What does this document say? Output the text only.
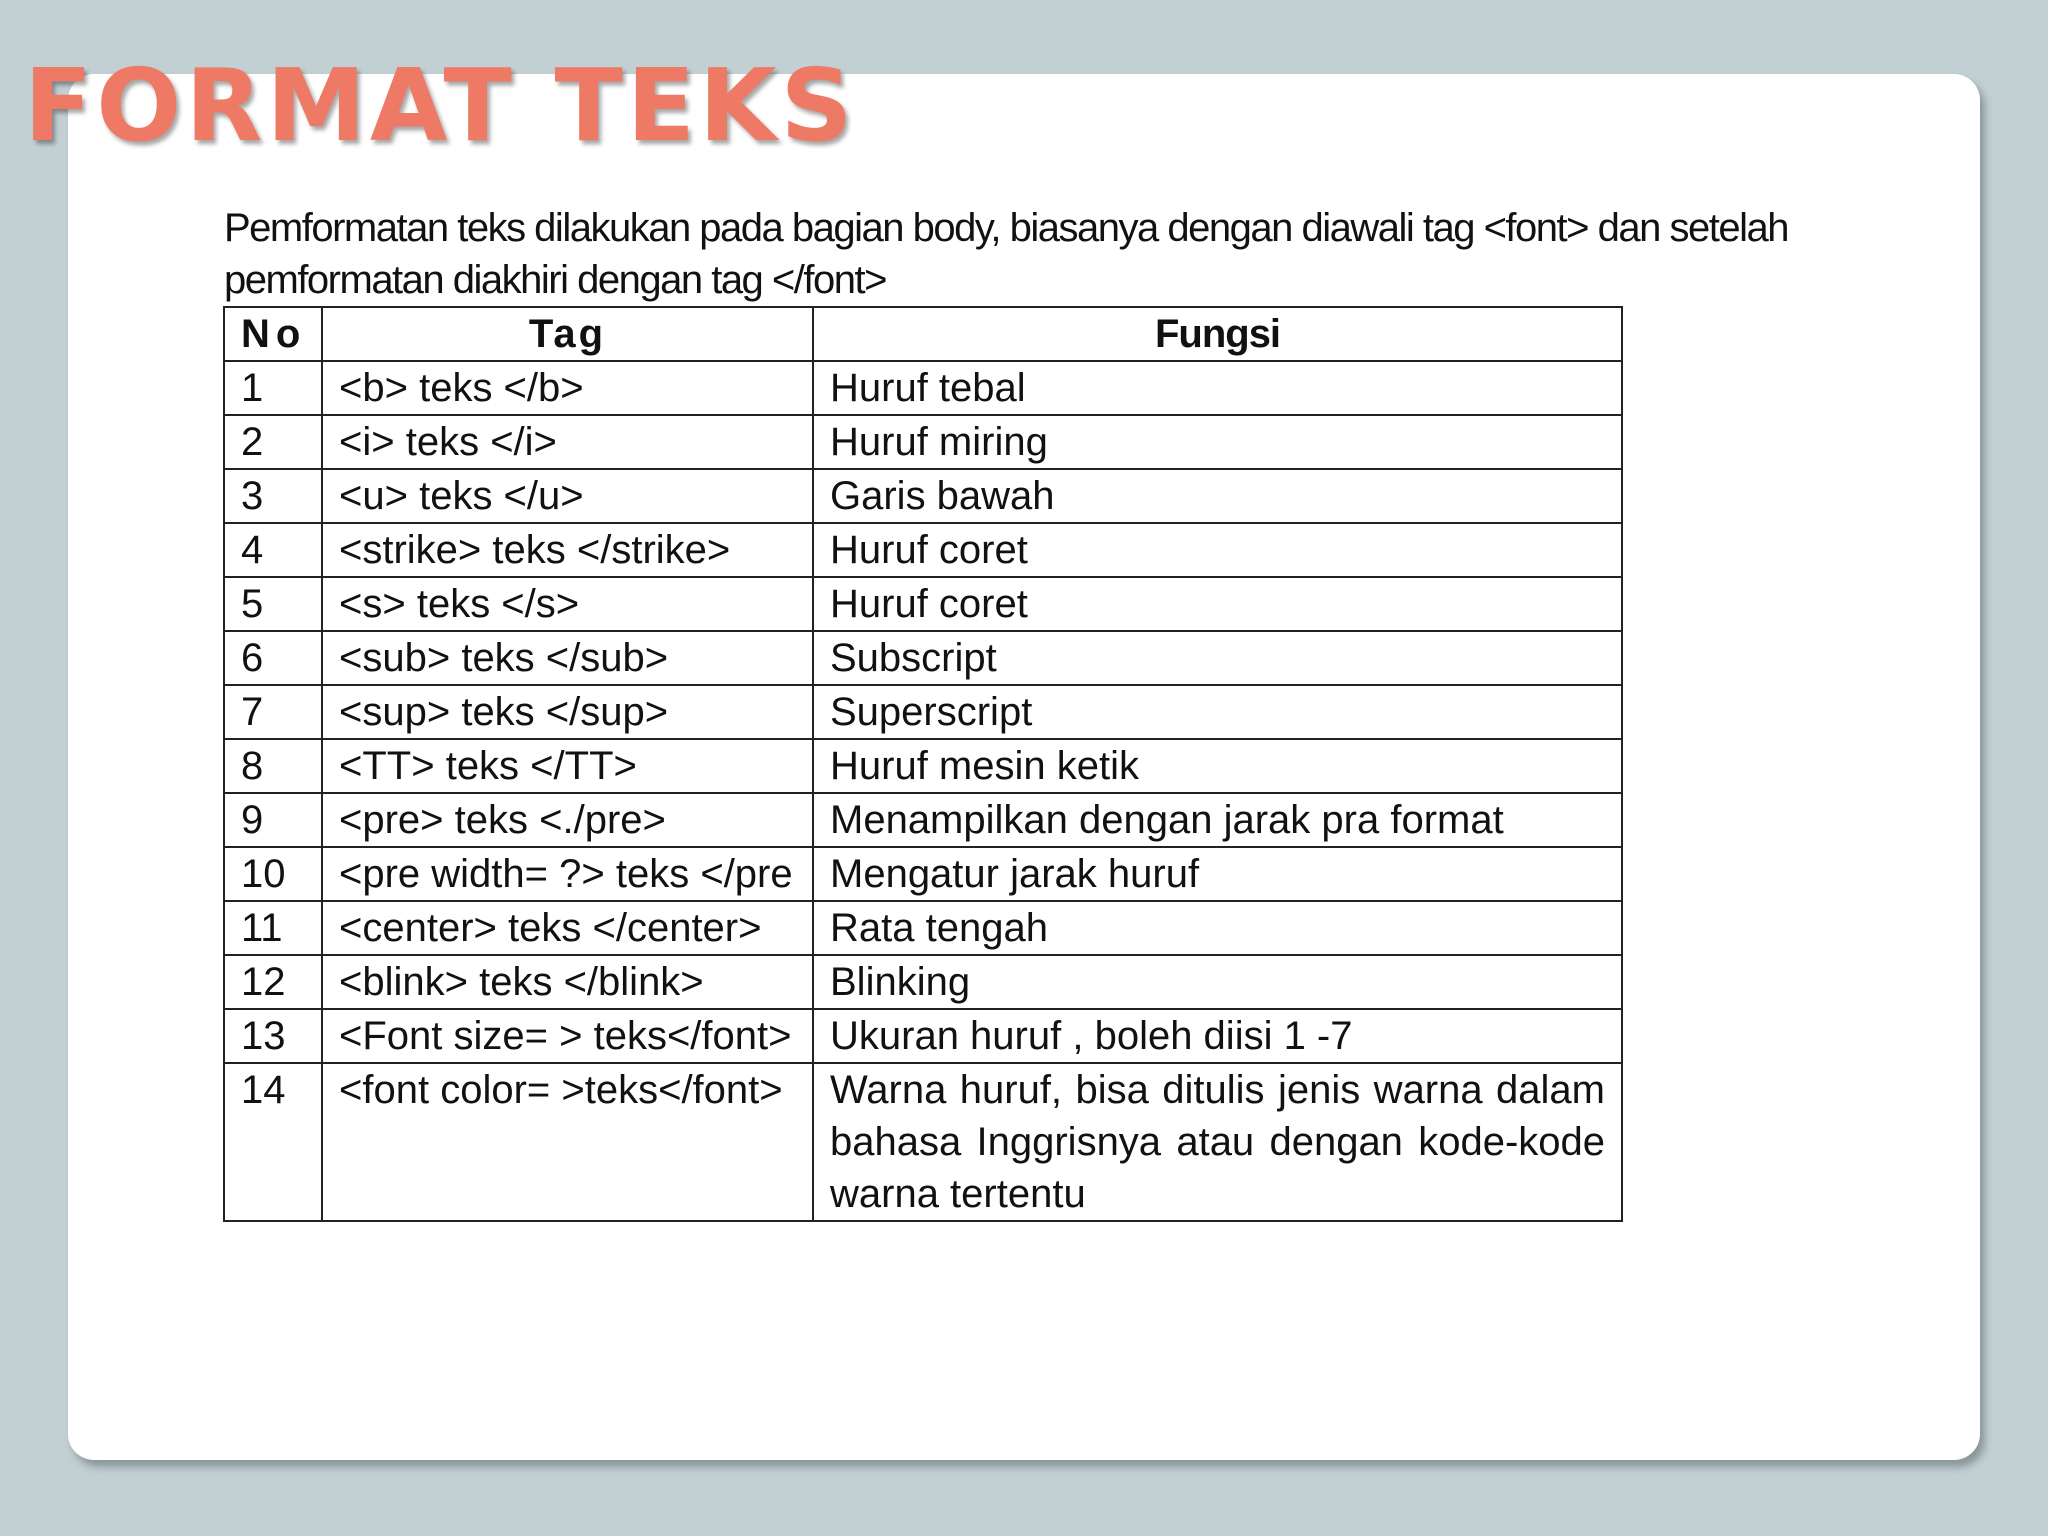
FORMAT TEKS

Pemformatan teks dilakukan pada bagian body, biasanya dengan diawali tag <font> dan setelah pemformatan diakhiri dengan tag </font>

No	Tag	Fungsi
1	<b> teks </b>	Huruf tebal
2	<i> teks </i>	Huruf miring
3	<u> teks </u>	Garis bawah
4	<strike> teks </strike>	Huruf coret
5	<s> teks </s>	Huruf coret
6	<sub> teks </sub>	Subscript
7	<sup> teks </sup>	Superscript
8	<TT> teks </TT>	Huruf mesin ketik
9	<pre> teks <./pre>	Menampilkan dengan jarak pra format
10	<pre width= ?> teks </pre	Mengatur jarak huruf
11	<center> teks </center>	Rata tengah
12	<blink> teks </blink>	Blinking
13	<Font size= > teks</font>	Ukuran huruf , boleh diisi 1 -7
14	<font color= >teks</font>	Warna huruf, bisa ditulis jenis warna dalam bahasa Inggrisnya atau dengan kode-kode warna tertentu
